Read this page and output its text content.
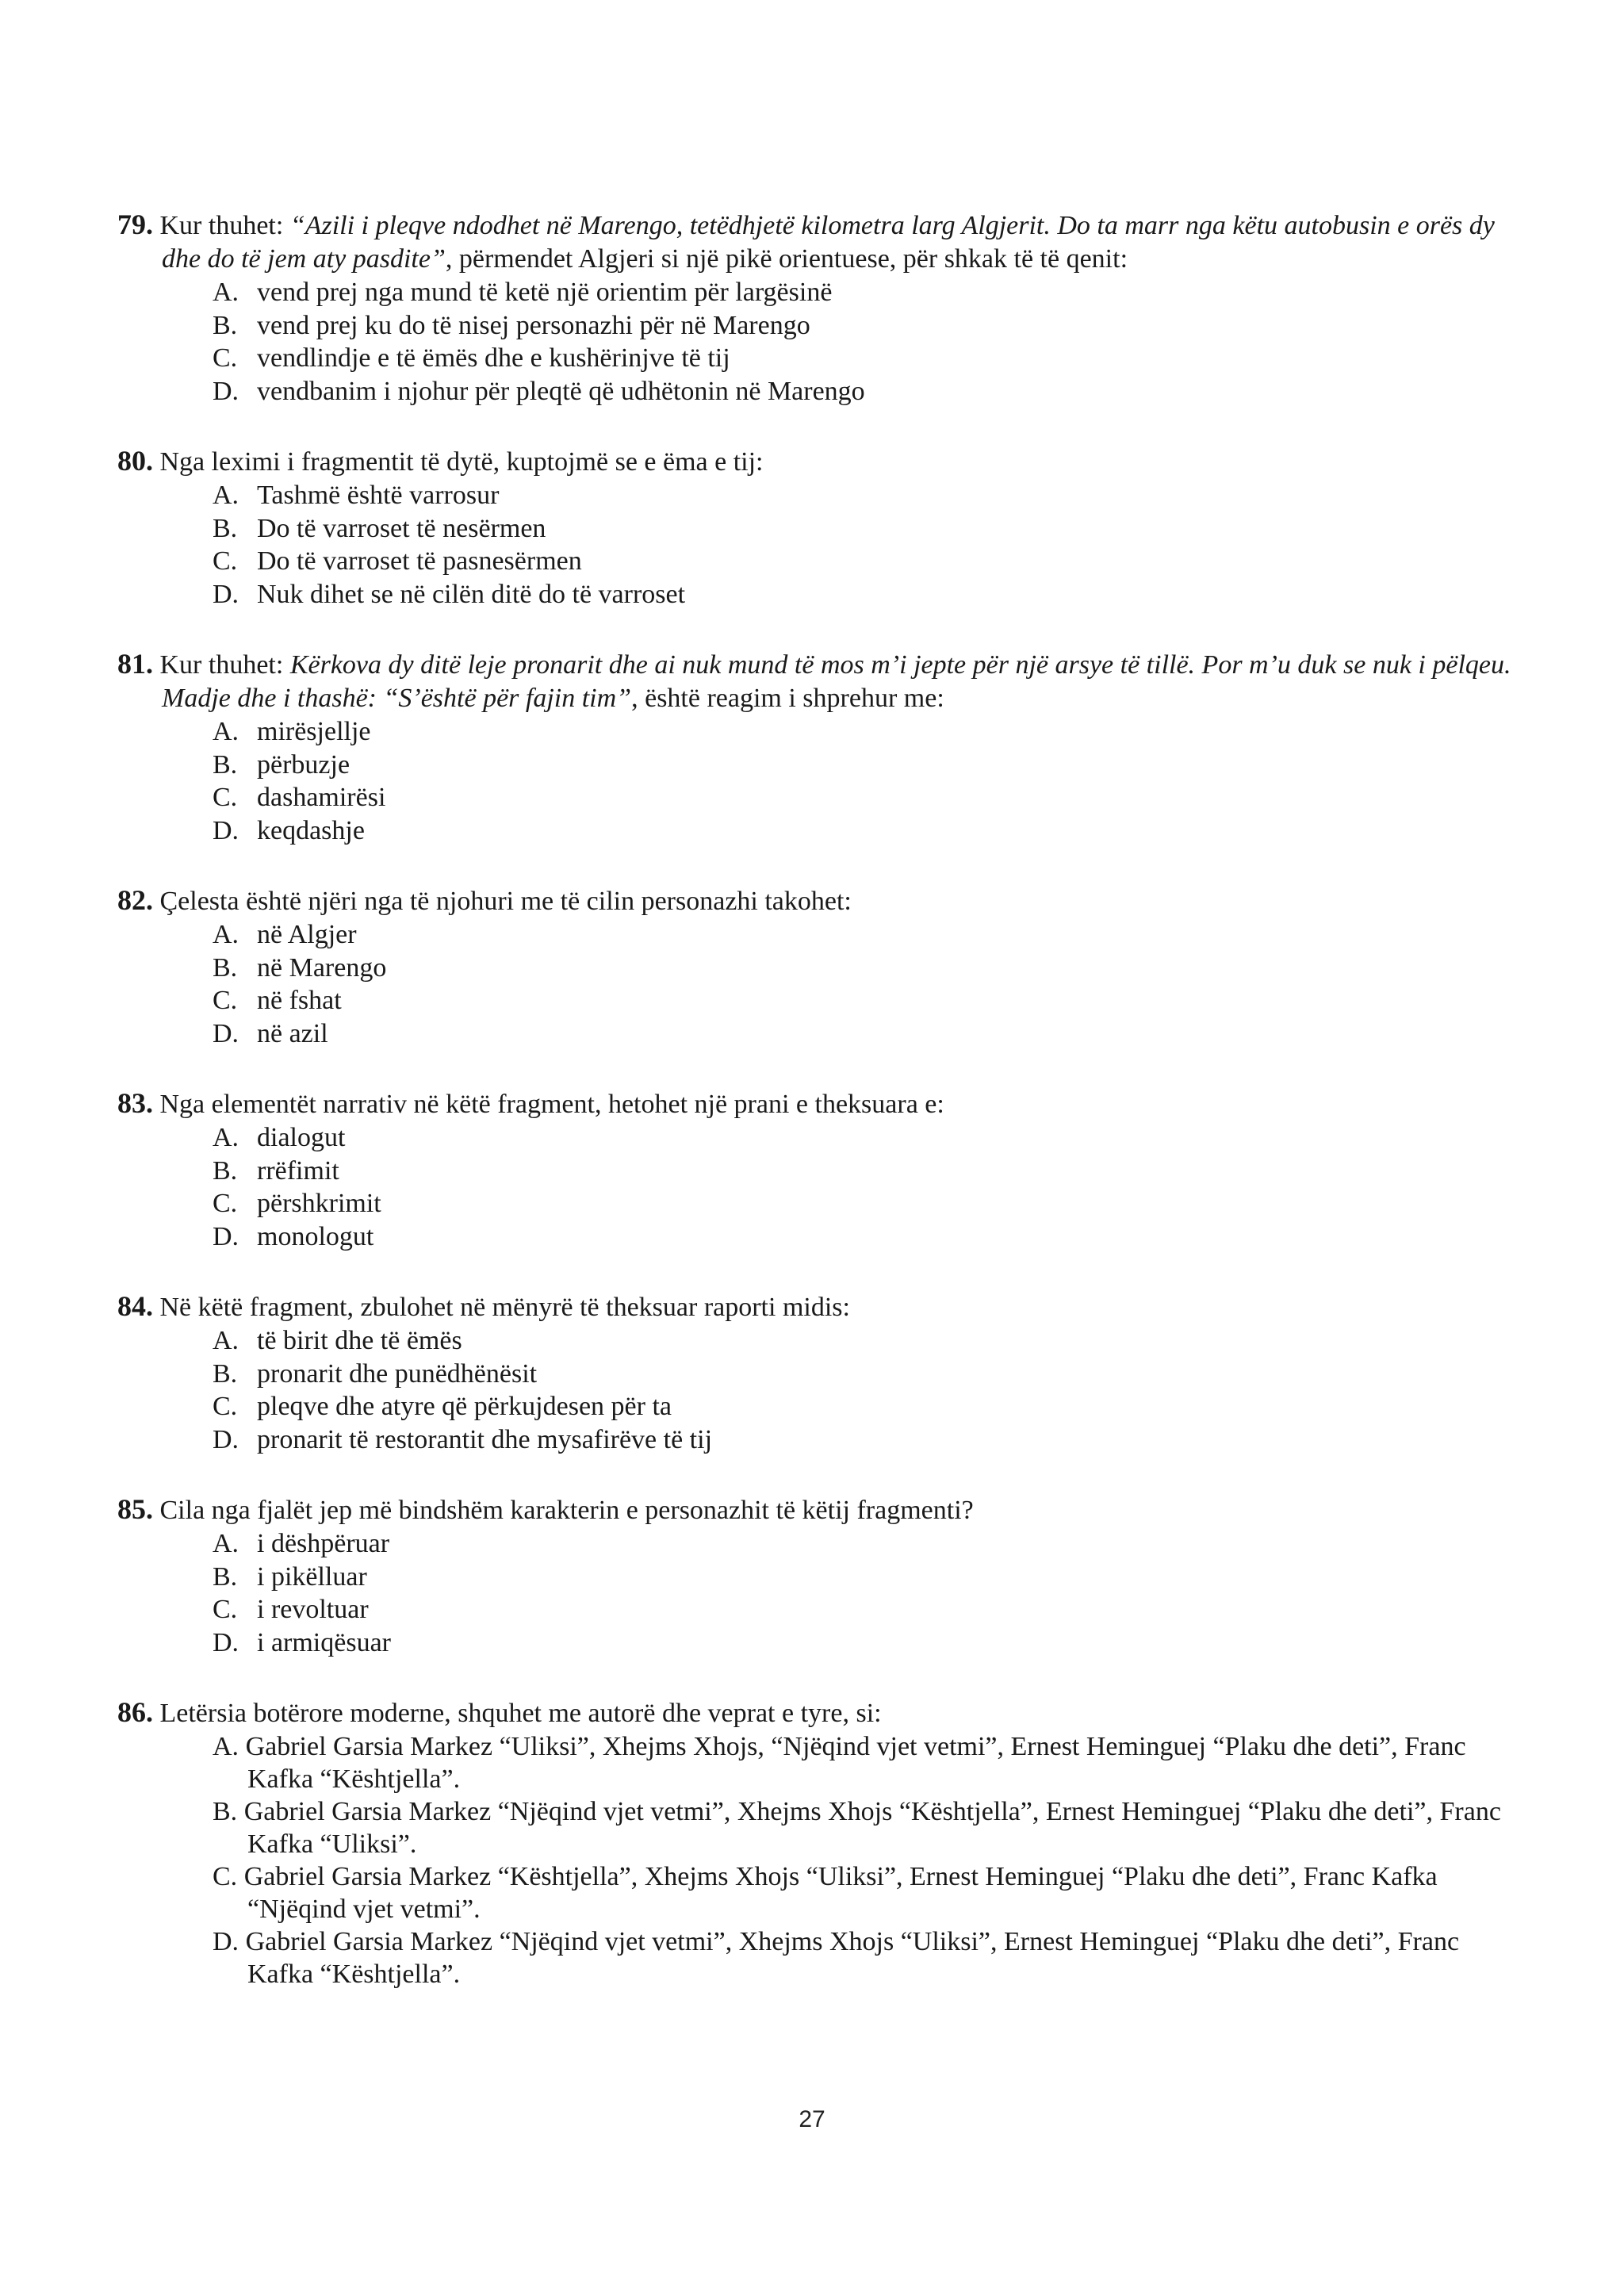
79. Kur thuhet: “Azili i pleqve ndodhet në Marengo, tetëdhjetë kilometra larg Algjerit. Do ta marr nga këtu autobusin e orës dy dhe do të jem aty pasdite”, përmendet Algjeri si një pikë orientuese, për shkak të të qenit:
A. vend prej nga mund të ketë një orientim për largësinë
B. vend prej ku do të nisej personazhi për në Marengo
C. vendlindje e të ëmës dhe e kushërinjve të tij
D. vendbanim i njohur për pleqtë që udhëtonin në Marengo
80. Nga leximi i fragmentit të dytë, kuptojmë se e ëma e tij:
A. Tashmë është varrosur
B. Do të varroset të nesërmen
C. Do të varroset të pasnesërmen
D. Nuk dihet se në cilën ditë do të varroset
81. Kur thuhet: Kërkova dy ditë leje pronarit dhe ai nuk mund të mos m’i jepte për një arsye të tillë. Por m’u duk se nuk i pëlqeu. Madje dhe i thashë: “S’është për fajin tim”, është reagim i shprehur me:
A. mirësjellje
B. përbuzje
C. dashamirësi
D. keqdashje
82. Çelesta është njëri nga të njohuri me të cilin personazhi takohet:
A. në Algjer
B. në Marengo
C. në fshat
D. në azil
83. Nga elementët narrativ në këtë fragment, hetohet një prani e theksuara e:
A. dialogut
B. rrëfimit
C. përshkrimit
D. monologut
84. Në këtë fragment, zbulohet në mënyrë të theksuar raporti midis:
A. të birit dhe të ëmës
B. pronarit dhe punëdhënësit
C. pleqve dhe atyre që përkujdesen për ta
D. pronarit të restorantit dhe mysafirëve të tij
85. Cila nga fjalët jep më bindshëm karakterin e personazhit të këtij fragmenti?
A. i dëshpëruar
B. i pikëlluar
C. i revoltuar
D. i armiqësuar
86. Letërsia botërore moderne, shquhet me autorë dhe veprat e tyre, si:
A. Gabriel Garsia Markez “Uliksi”, Xhejms Xhojs, “Njëqind vjet vetmi”, Ernest Heminguej “Plaku dhe deti”, Franc Kafka “Kështjella”.
B. Gabriel Garsia Markez “Njëqind vjet vetmi”, Xhejms Xhojs “Kështjella”, Ernest Heminguej “Plaku dhe deti”, Franc Kafka “Uliksi”.
C. Gabriel Garsia Markez “Kështjella”, Xhejms Xhojs “Uliksi”, Ernest Heminguej “Plaku dhe deti”, Franc Kafka “Njëqind vjet vetmi”.
D. Gabriel Garsia Markez “Njëqind vjet vetmi”, Xhejms Xhojs “Uliksi”, Ernest Heminguej “Plaku dhe deti”, Franc Kafka “Kështjella”.
27
